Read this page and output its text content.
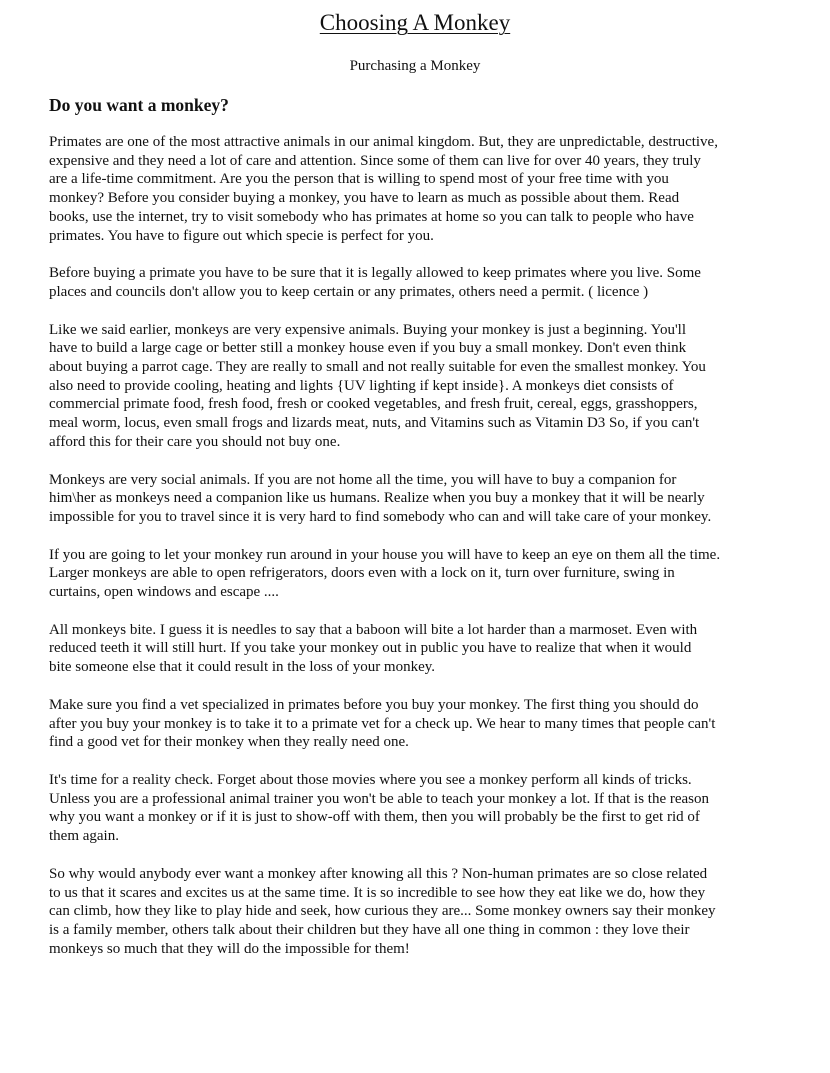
Choosing A Monkey
Purchasing a Monkey
Do you want a monkey?

Primates are one of the most attractive animals in our animal kingdom. But, they are unpredictable, destructive,
expensive and they need a lot of care and attention. Since some of them can live for over 40 years, they truly
are a life-time commitment. Are you the person that is willing to spend most of your free time with you
monkey? Before you consider buying a monkey, you have to learn as much as possible about them. Read
books, use the internet, try to visit somebody who has primates at home so you can talk to people who have
primates. You have to figure out which specie is perfect for you.

Before buying a primate you have to be sure that it is legally allowed to keep primates where you live. Some
places and councils don't allow you to keep certain or any primates, others need a permit. ( licence )

Like we said earlier, monkeys are very expensive animals. Buying your monkey is just a beginning. You'll
have to build a large cage or better still a monkey house even if you buy a small monkey. Don't even think
about buying a parrot cage. They are really to small and not really suitable for even the smallest monkey. You
also need to provide cooling, heating and lights {UV lighting if kept inside}. A monkeys diet consists of
commercial primate food, fresh food, fresh or cooked vegetables, and fresh fruit, cereal, eggs, grasshoppers,
meal worm, locus, even small frogs and lizards meat, nuts, and Vitamins such as Vitamin D3 So, if you can't
afford this for their care you should not buy one.

Monkeys are very social animals. If you are not home all the time, you will have to buy a companion for
him\her as monkeys need a companion like us humans. Realize when you buy a monkey that it will be nearly
impossible for you to travel since it is very hard to find somebody who can and will take care of your monkey.

If you are going to let your monkey run around in your house you will have to keep an eye on them all the time.
Larger monkeys are able to open refrigerators, doors even with a lock on it, turn over furniture, swing in
curtains, open windows and escape ....

All monkeys bite. I guess it is needles to say that a baboon will bite a lot harder than a marmoset. Even with
reduced teeth it will still hurt. If you take your monkey out in public you have to realize that when it would
bite someone else that it could result in the loss of your monkey.

Make sure you find a vet specialized in primates before you buy your monkey. The first thing you should do
after you buy your monkey is to take it to a primate vet for a check up. We hear to many times that people can't
find a good vet for their monkey when they really need one.

It's time for a reality check. Forget about those movies where you see a monkey perform all kinds of tricks.
Unless you are a professional animal trainer you won't be able to teach your monkey a lot. If that is the reason
why you want a monkey or if it is just to show-off with them, then you will probably be the first to get rid of
them again.

So why would anybody ever want a monkey after knowing all this ? Non-human primates are so close related
to us that it scares and excites us at the same time. It is so incredible to see how they eat like we do, how they
can climb, how they like to play hide and seek, how curious they are... Some monkey owners say their monkey
is a family member, others talk about their children but they have all one thing in common : they love their
monkeys so much that they will do the impossible for them!
